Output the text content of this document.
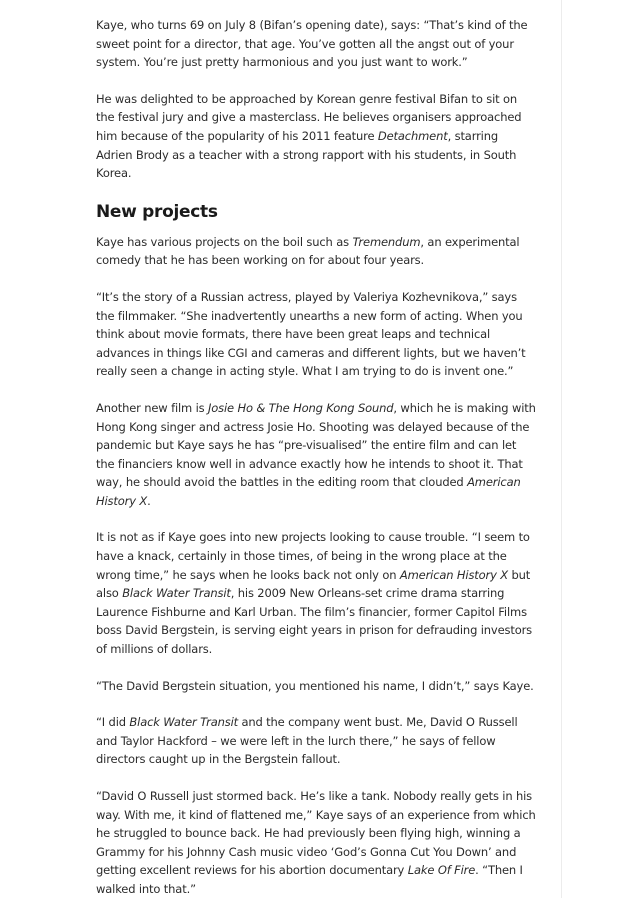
Kaye, who turns 69 on July 8 (Bifan’s opening date), says: “That’s kind of the sweet point for a director, that age. You’ve gotten all the angst out of your system. You’re just pretty harmonious and you just want to work.”

He was delighted to be approached by Korean genre festival Bifan to sit on the festival jury and give a masterclass. He believes organisers approached him because of the popularity of his 2011 feature Detachment, starring Adrien Brody as a teacher with a strong rapport with his students, in South Korea.

New projects

Kaye has various projects on the boil such as Tremendum, an experimental comedy that he has been working on for about four years.

“It’s the story of a Russian actress, played by Valeriya Kozhevnikova,” says the filmmaker. “She inadvertently unearths a new form of acting. When you think about movie formats, there have been great leaps and technical advances in things like CGI and cameras and different lights, but we haven’t really seen a change in acting style. What I am trying to do is invent one.”

Another new film is Josie Ho & The Hong Kong Sound, which he is making with Hong Kong singer and actress Josie Ho. Shooting was delayed because of the pandemic but Kaye says he has “pre-visualised” the entire film and can let the financiers know well in advance exactly how he intends to shoot it. That way, he should avoid the battles in the editing room that clouded American History X.

It is not as if Kaye goes into new projects looking to cause trouble. “I seem to have a knack, certainly in those times, of being in the wrong place at the wrong time,” he says when he looks back not only on American History X but also Black Water Transit, his 2009 New Orleans-set crime drama starring Laurence Fishburne and Karl Urban. The film’s financier, former Capitol Films boss David Bergstein, is serving eight years in prison for defrauding investors of millions of dollars.

“The David Bergstein situation, you mentioned his name, I didn’t,” says Kaye.

“I did Black Water Transit and the company went bust. Me, David O Russell and Taylor Hackford – we were left in the lurch there,” he says of fellow directors caught up in the Bergstein fallout.

“David O Russell just stormed back. He’s like a tank. Nobody really gets in his way. With me, it kind of flattened me,” Kaye says of an experience from which he struggled to bounce back. He had previously been flying high, winning a Grammy for his Johnny Cash music video ‘God’s Gonna Cut You Down’ and getting excellent reviews for his abortion documentary Lake Of Fire. “Then I walked into that.”
